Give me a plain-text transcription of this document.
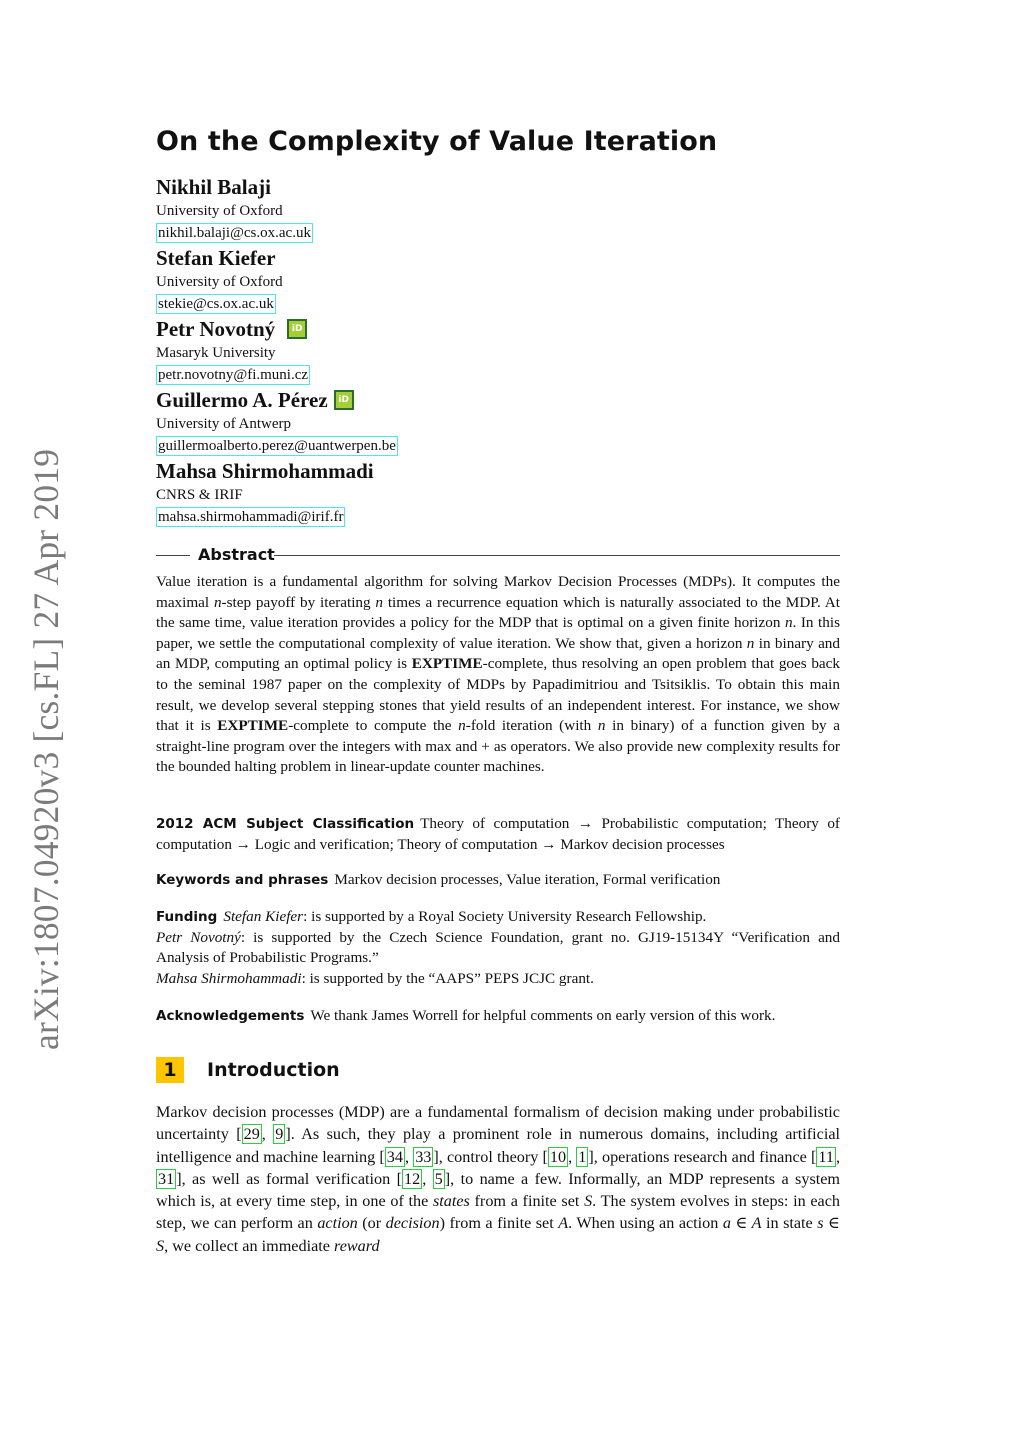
arXiv:1807.04920v3 [cs.FL] 27 Apr 2019
On the Complexity of Value Iteration
Nikhil Balaji
University of Oxford
nikhil.balaji@cs.ox.ac.uk
Stefan Kiefer
University of Oxford
stekie@cs.ox.ac.uk
Petr Novotný	iD
Masaryk University
petr.novotny@fi.muni.cz
Guillermo A. Pérez	iD
University of Antwerp
guillermoalberto.perez@uantwerpen.be
Mahsa Shirmohammadi
CNRS & IRIF
mahsa.shirmohammadi@irif.fr
Abstract
Value iteration is a fundamental algorithm for solving Markov Decision Processes (MDPs). It computes the maximal n-step payoff by iterating n times a recurrence equation which is naturally associated to the MDP. At the same time, value iteration provides a policy for the MDP that is optimal on a given finite horizon n. In this paper, we settle the computational complexity of value iteration. We show that, given a horizon n in binary and an MDP, computing an optimal policy is EXPTIME-complete, thus resolving an open problem that goes back to the seminal 1987 paper on the complexity of MDPs by Papadimitriou and Tsitsiklis. To obtain this main result, we develop several stepping stones that yield results of an independent interest. For instance, we show that it is EXPTIME-complete to compute the n-fold iteration (with n in binary) of a function given by a straight-line program over the integers with max and + as operators. We also provide new complexity results for the bounded halting problem in linear-update counter machines.
2012 ACM Subject Classification Theory of computation → Probabilistic computation; Theory of computation → Logic and verification; Theory of computation → Markov decision processes
Keywords and phrases Markov decision processes, Value iteration, Formal verification
Funding Stefan Kiefer: is supported by a Royal Society University Research Fellowship.
Petr Novotný: is supported by the Czech Science Foundation, grant no. GJ19-15134Y “Verification and Analysis of Probabilistic Programs.”
Mahsa Shirmohammadi: is supported by the “AAPS” PEPS JCJC grant.
Acknowledgements We thank James Worrell for helpful comments on early version of this work.
1	Introduction
Markov decision processes (MDP) are a fundamental formalism of decision making under probabilistic uncertainty [ 29 , 9 ]. As such, they play a prominent role in numerous domains, including artificial intelligence and machine learning [ 34 , 33 ], control theory [ 10 , 1 ], operations research and finance [ 11 , 31 ], as well as formal verification [ 12 , 5 ], to name a few. Informally, an MDP represents a system which is, at every time step, in one of the states from a finite set S. The system evolves in steps: in each step, we can perform an action (or decision) from a finite set A. When using an action a ∈ A in state s ∈ S, we collect an immediate reward
